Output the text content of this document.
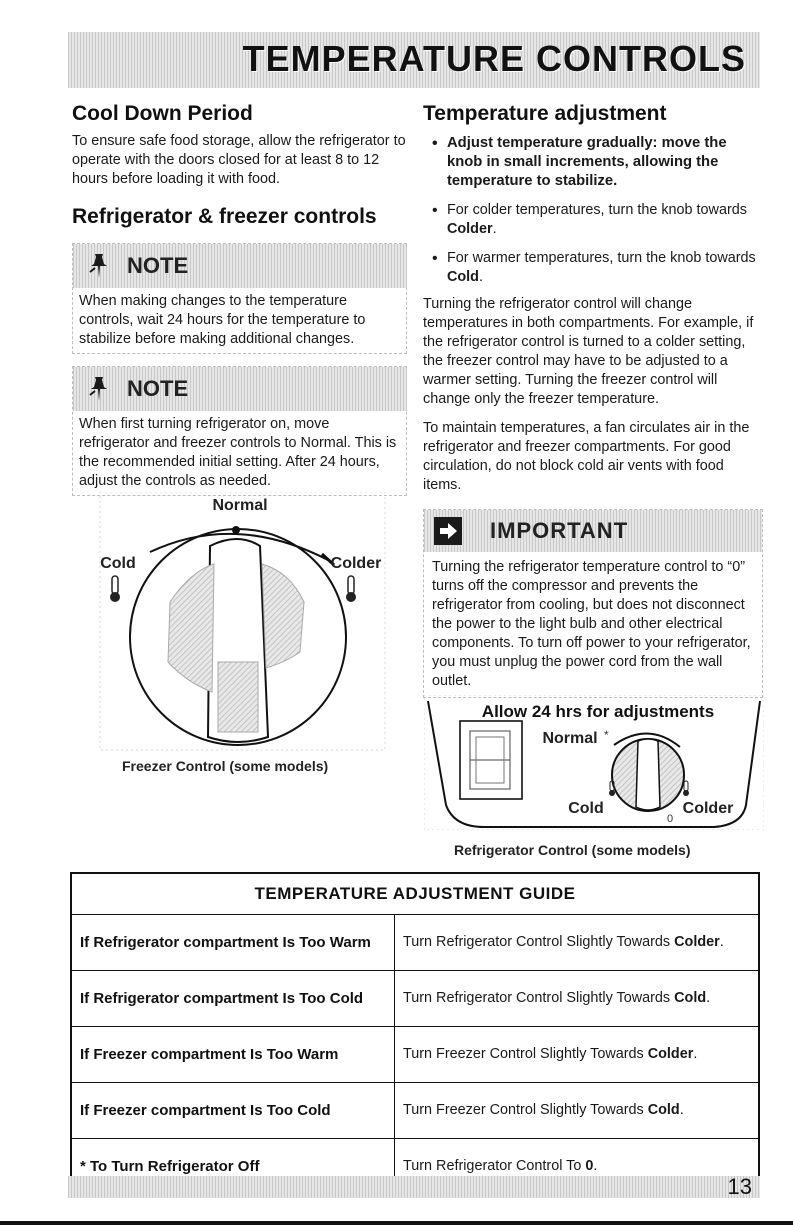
TEMPERATURE CONTROLS
Cool Down Period

To ensure safe food storage, allow the refrigerator to operate with the doors closed for at least 8 to 12 hours before loading it with food.

Refrigerator & freezer controls
NOTE

When making changes to the temperature controls, wait 24 hours for the temperature to stabilize before making additional changes.

NOTE

When first turning refrigerator on, move refrigerator and freezer controls to Normal. This is the recommended initial setting. After 24 hours, adjust the controls as needed.

Normal
Cold	Colder
Freezer Control (some models)
Temperature adjustment
• Adjust temperature gradually: move the knob in small increments, allowing the temperature to stabilize.
• For colder temperatures, turn the knob towards Colder.
• For warmer temperatures, turn the knob towards Cold.

Turning the refrigerator control will change temperatures in both compartments. For example, if the refrigerator control is turned to a colder setting, the freezer control may have to be adjusted to a warmer setting. Turning the freezer control will change only the freezer temperature.

To maintain temperatures, a fan circulates air in the refrigerator and freezer compartments. For good circulation, do not block cold air vents with food items.

IMPORTANT

Turning the refrigerator temperature control to “0” turns off the compressor and prevents the refrigerator from cooling, but does not disconnect the power to the light bulb and other electrical components. To turn off power to your refrigerator, you must unplug the power cord from the wall outlet.

Allow 24 hrs for adjustments
Normal *
Cold	Colder
0
Refrigerator Control (some models)
TEMPERATURE ADJUSTMENT GUIDE	
If Refrigerator compartment Is Too Warm	Turn Refrigerator Control Slightly Towards Colder.
If Refrigerator compartment Is Too Cold	Turn Refrigerator Control Slightly Towards Cold.
If Freezer compartment Is Too Warm	Turn Freezer Control Slightly Towards Colder.
If Freezer compartment Is Too Cold	Turn Freezer Control Slightly Towards Cold.
* To Turn Refrigerator Off	Turn Refrigerator Control To 0.
13
